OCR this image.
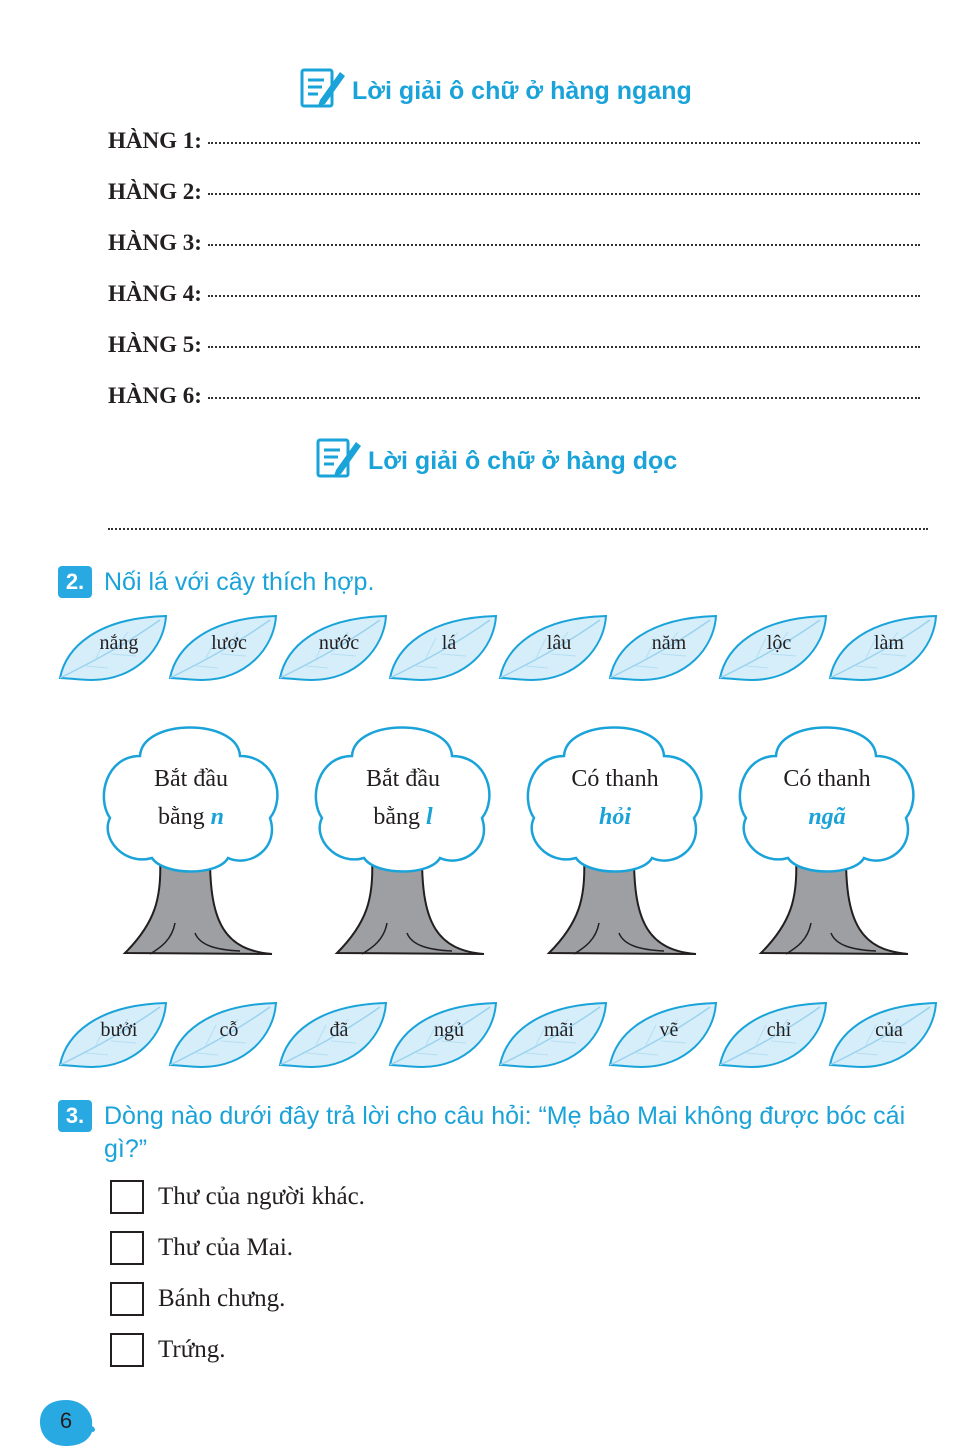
Lời giải ô chữ ở hàng ngang
HÀNG 1:
HÀNG 2:
HÀNG 3:
HÀNG 4:
HÀNG 5:
HÀNG 6:
Lời giải ô chữ ở hàng dọc
2. Nối lá với cây thích hợp.
nắng	lược	nước	lá	lâu	năm	lộc	làm
bưởi	cỗ	đã	ngủ	mãi	vẽ	chỉ	của
Bắt đầu
bằng n
Bắt đầu
bằng l
Có thanh
hỏi
Có thanh
ngã
3. Dòng nào dưới đây trả lời cho câu hỏi: “Mẹ bảo Mai không được bóc cái gì?”
Thư của người khác.
Thư của Mai.
Bánh chưng.
Trứng.
6
